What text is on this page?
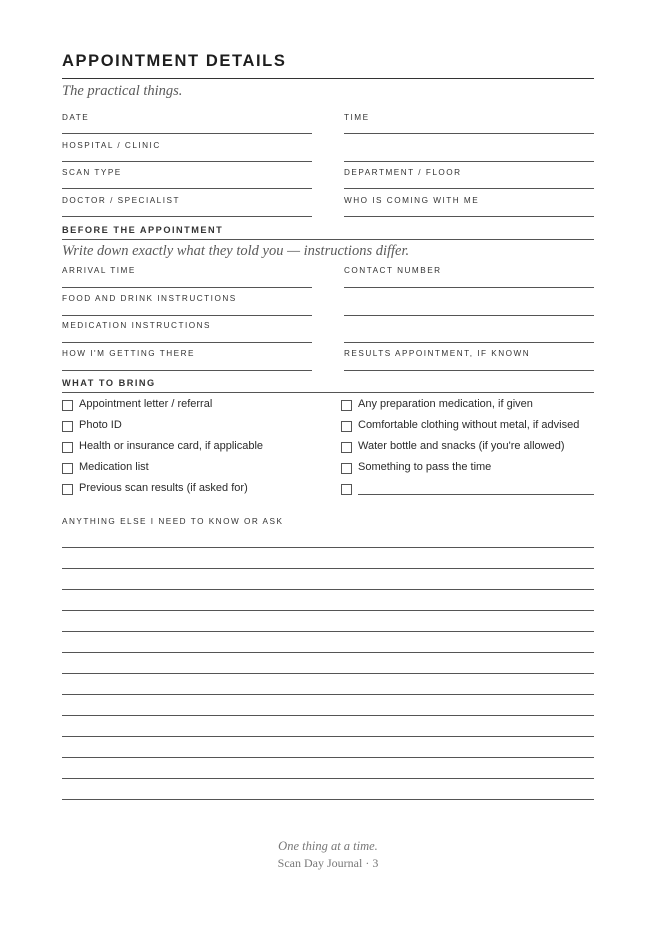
APPOINTMENT DETAILS
The practical things.
DATE	TIME
HOSPITAL / CLINIC
SCAN TYPE	DEPARTMENT / FLOOR
DOCTOR / SPECIALIST	WHO IS COMING WITH ME
BEFORE THE APPOINTMENT
Write down exactly what they told you — instructions differ.
ARRIVAL TIME	CONTACT NUMBER
FOOD AND DRINK INSTRUCTIONS
MEDICATION INSTRUCTIONS
HOW I'M GETTING THERE	RESULTS APPOINTMENT, IF KNOWN
WHAT TO BRING
Appointment letter / referral	Any preparation medication, if given
Photo ID	Comfortable clothing without metal, if advised
Health or insurance card, if applicable	Water bottle and snacks (if you're allowed)
Medication list	Something to pass the time
Previous scan results (if asked for)
ANYTHING ELSE I NEED TO KNOW OR ASK
One thing at a time.
Scan Day Journal · 3
